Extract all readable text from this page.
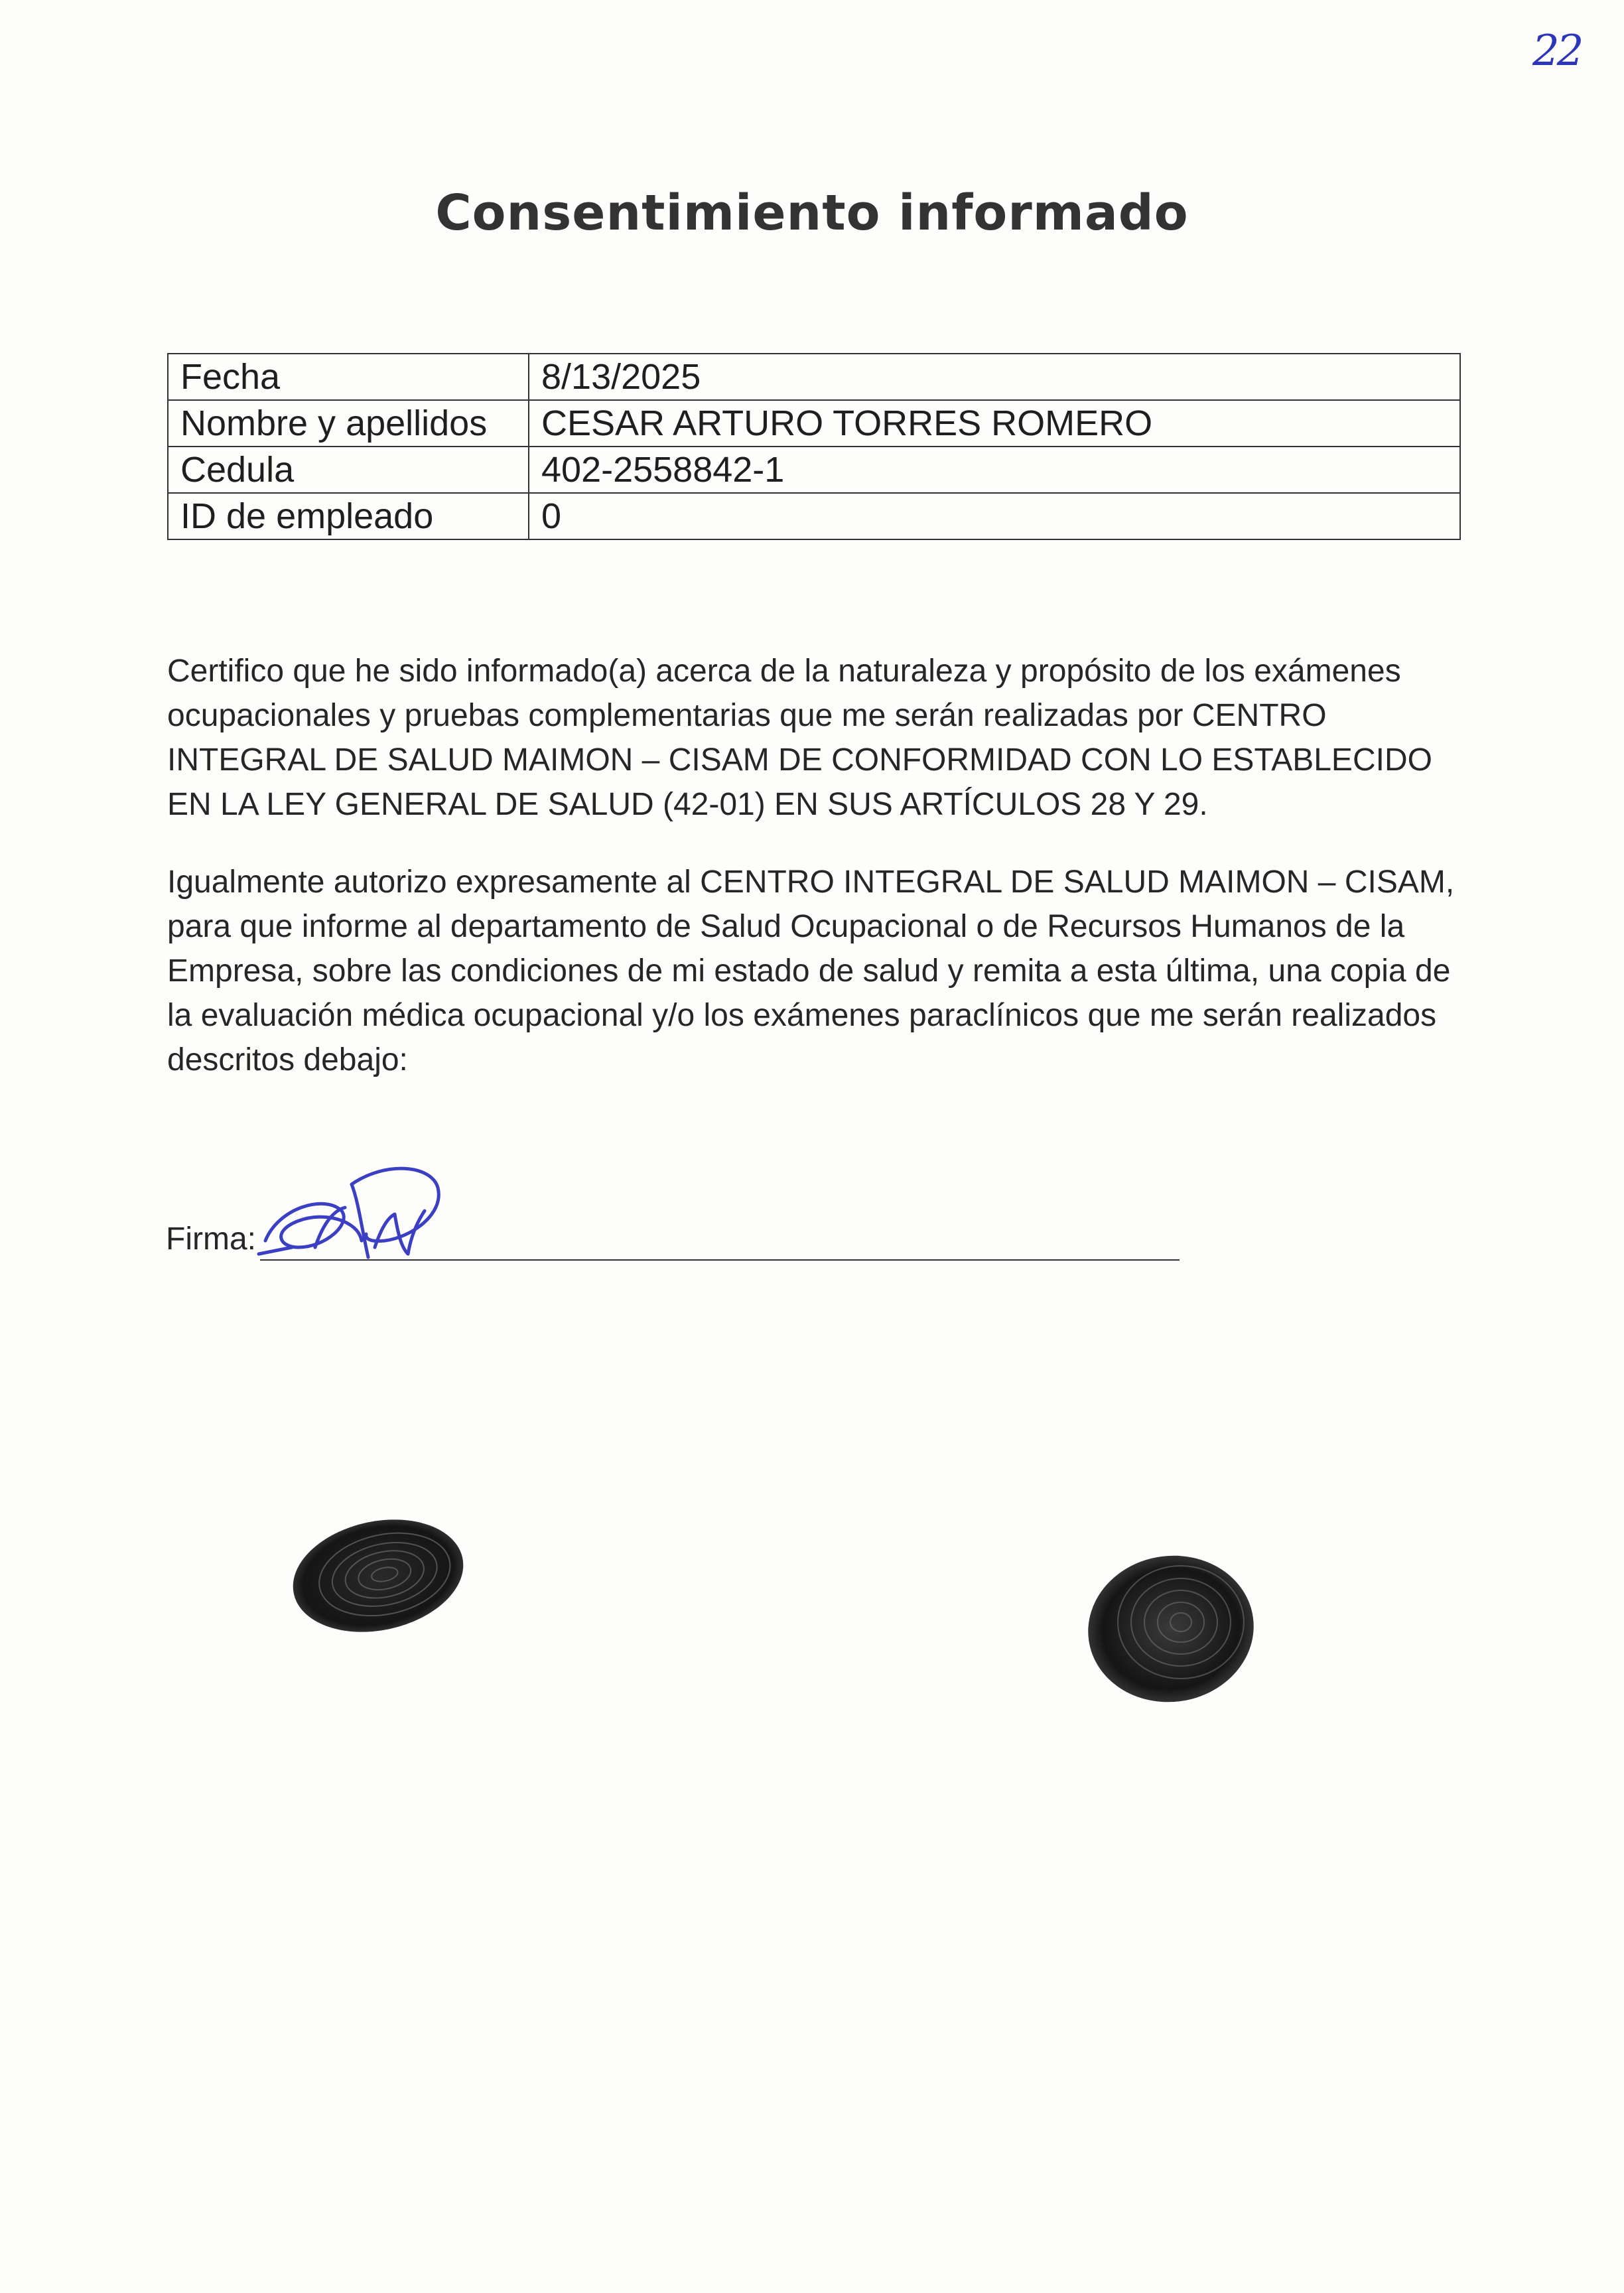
22
Consentimiento informado
Fecha	8/13/2025
Nombre y apellidos	CESAR ARTURO TORRES ROMERO
Cedula	402-2558842-1
ID de empleado	0

Certifico que he sido informado(a) acerca de la naturaleza y propósito de los exámenes ocupacionales y pruebas complementarias que me serán realizadas por CENTRO INTEGRAL DE SALUD MAIMON – CISAM DE CONFORMIDAD CON LO ESTABLECIDO EN LA LEY GENERAL DE SALUD (42-01) EN SUS ARTÍCULOS 28 Y 29.

Igualmente autorizo expresamente al CENTRO INTEGRAL DE SALUD MAIMON – CISAM, para que informe al departamento de Salud Ocupacional o de Recursos Humanos de la Empresa, sobre las condiciones de mi estado de salud y remita a esta última, una copia de la evaluación médica ocupacional y/o los exámenes paraclínicos que me serán realizados descritos debajo:

Firma:
